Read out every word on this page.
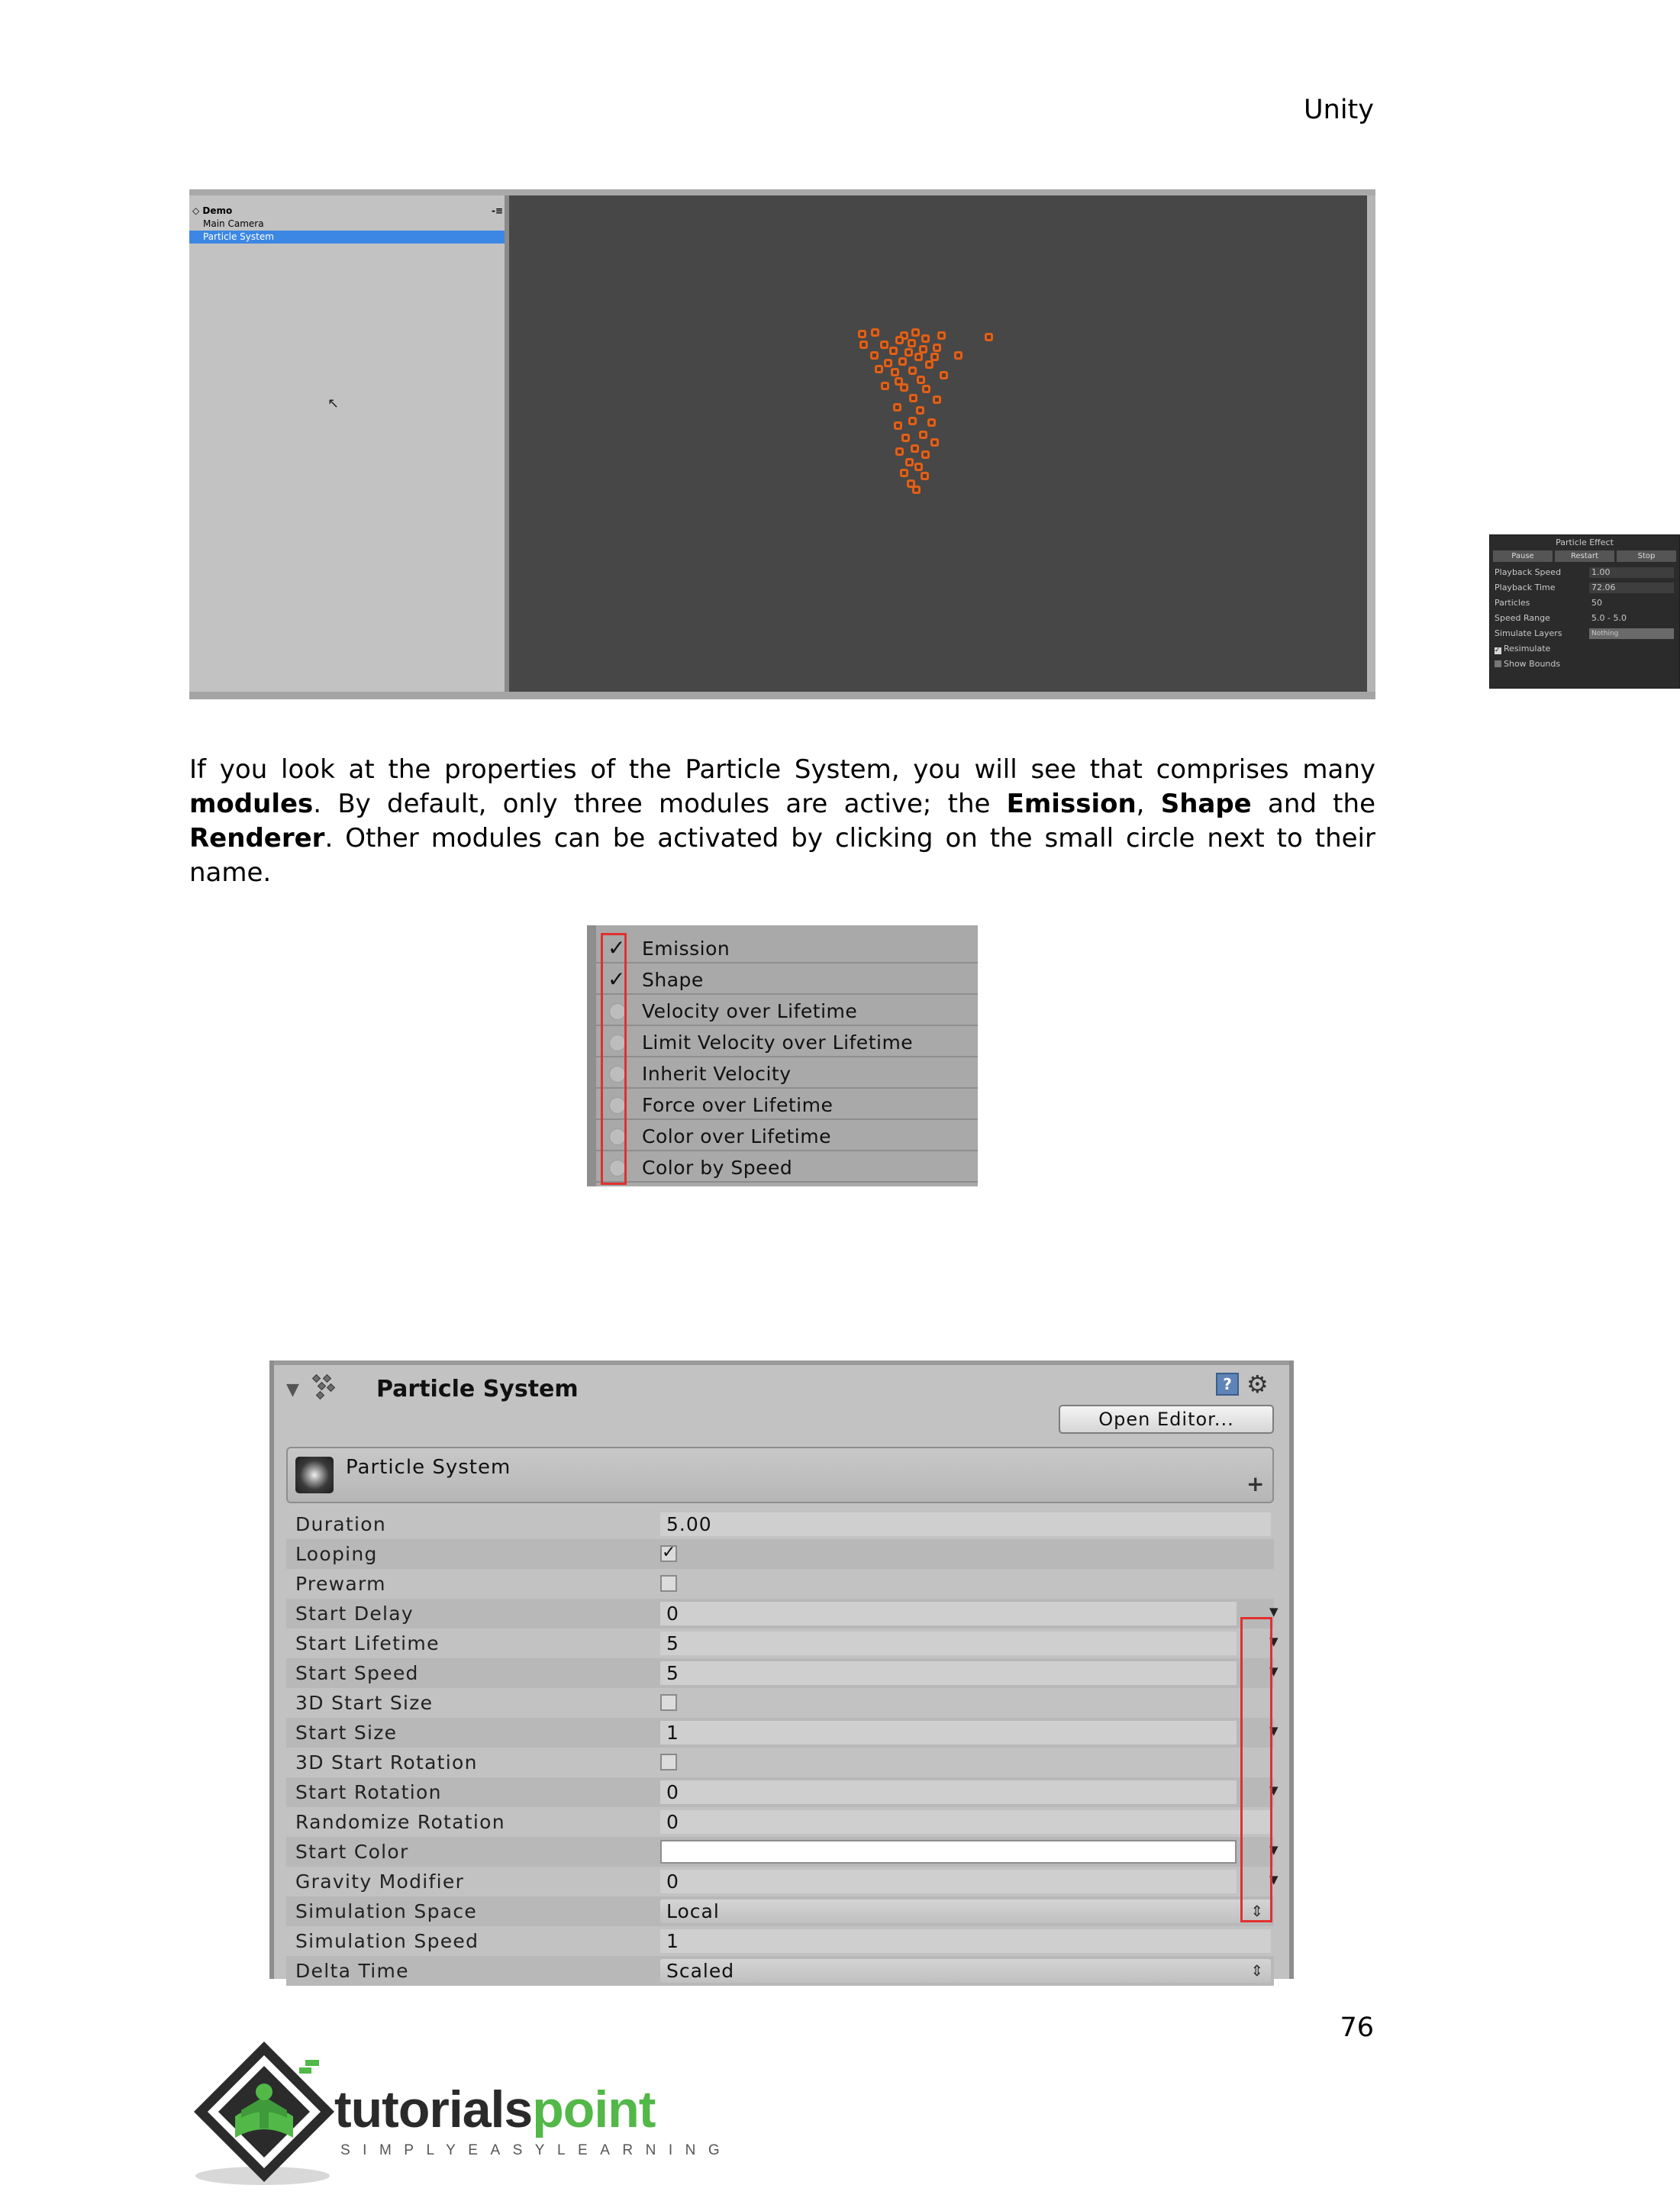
Unity
◇ Demo	-≡
Main Camera
Particle System
↖
Particle Effect
Pause	Restart	Stop
Playback Speed	1.00
Playback Time	72.06
Particles	50
Speed Range	5.0 - 5.0
Simulate Layers	Nothing
✓ Resimulate
Show Bounds

If you look at the properties of the Particle System, you will see that comprises many modules. By default, only three modules are active; the Emission, Shape and the Renderer. Other modules can be activated by clicking on the small circle next to their name.

✓ Emission
✓ Shape
Velocity over Lifetime
Limit Velocity over Lifetime
Inherit Velocity
Force over Lifetime
Color over Lifetime
Color by Speed
▼	Particle System	? ⚙
Open Editor...
Particle System
+
Duration	5.00
Looping	✓
Prewarm
Start Delay	0	▼
Start Lifetime	5	▼
Start Speed	5	▼
3D Start Size
Start Size	1	▼
3D Start Rotation
Start Rotation	0	▼
Randomize Rotation	0
Start Color	▼
Gravity Modifier	0	▼
Simulation Space	Local	⇕
Simulation Speed	1
Delta Time	Scaled	⇕
76
tutorialspoint
SIMPLYEASYLEARNING
